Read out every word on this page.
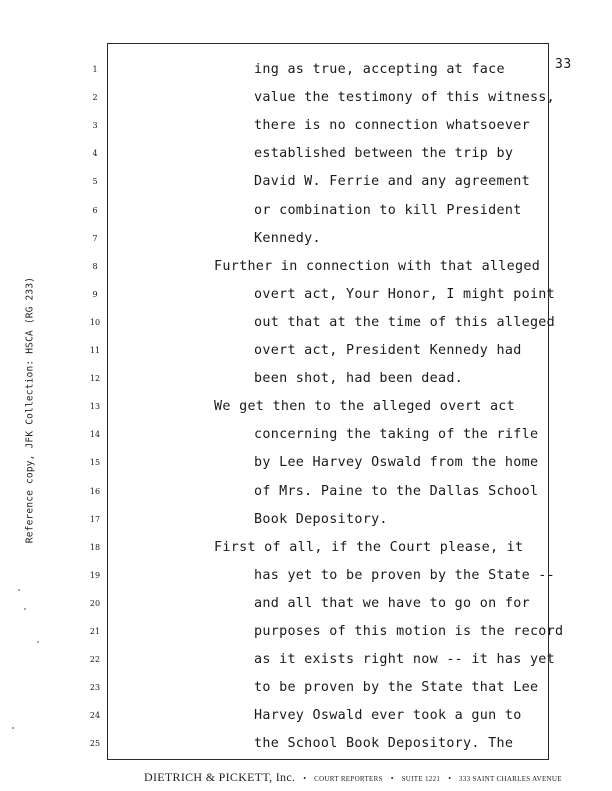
33
Reference copy, JFK Collection: HSCA (RG 233)
1	ing as true, accepting at face
2	value the testimony of this witness,
3	there is no connection whatsoever
4	established between the trip by
5	David W. Ferrie and any agreement
6	or combination to kill President
7	Kennedy.
8	Further in connection with that alleged
9	overt act, Your Honor, I might point
10	out that at the time of this alleged
11	overt act, President Kennedy had
12	been shot, had been dead.
13	We get then to the alleged overt act
14	concerning the taking of the rifle
15	by Lee Harvey Oswald from the home
16	of Mrs. Paine to the Dallas School
17	Book Depository.
18	First of all, if the Court please, it
19	has yet to be proven by the State --
20	and all that we have to go on for
21	purposes of this motion is the record
22	as it exists right now -- it has yet
23	to be proven by the State that Lee
24	Harvey Oswald ever took a gun to
25	the School Book Depository. The
DIETRICH & PICKETT, Inc. • COURT REPORTERS • SUITE 1221 • 333 SAINT CHARLES AVENUE
